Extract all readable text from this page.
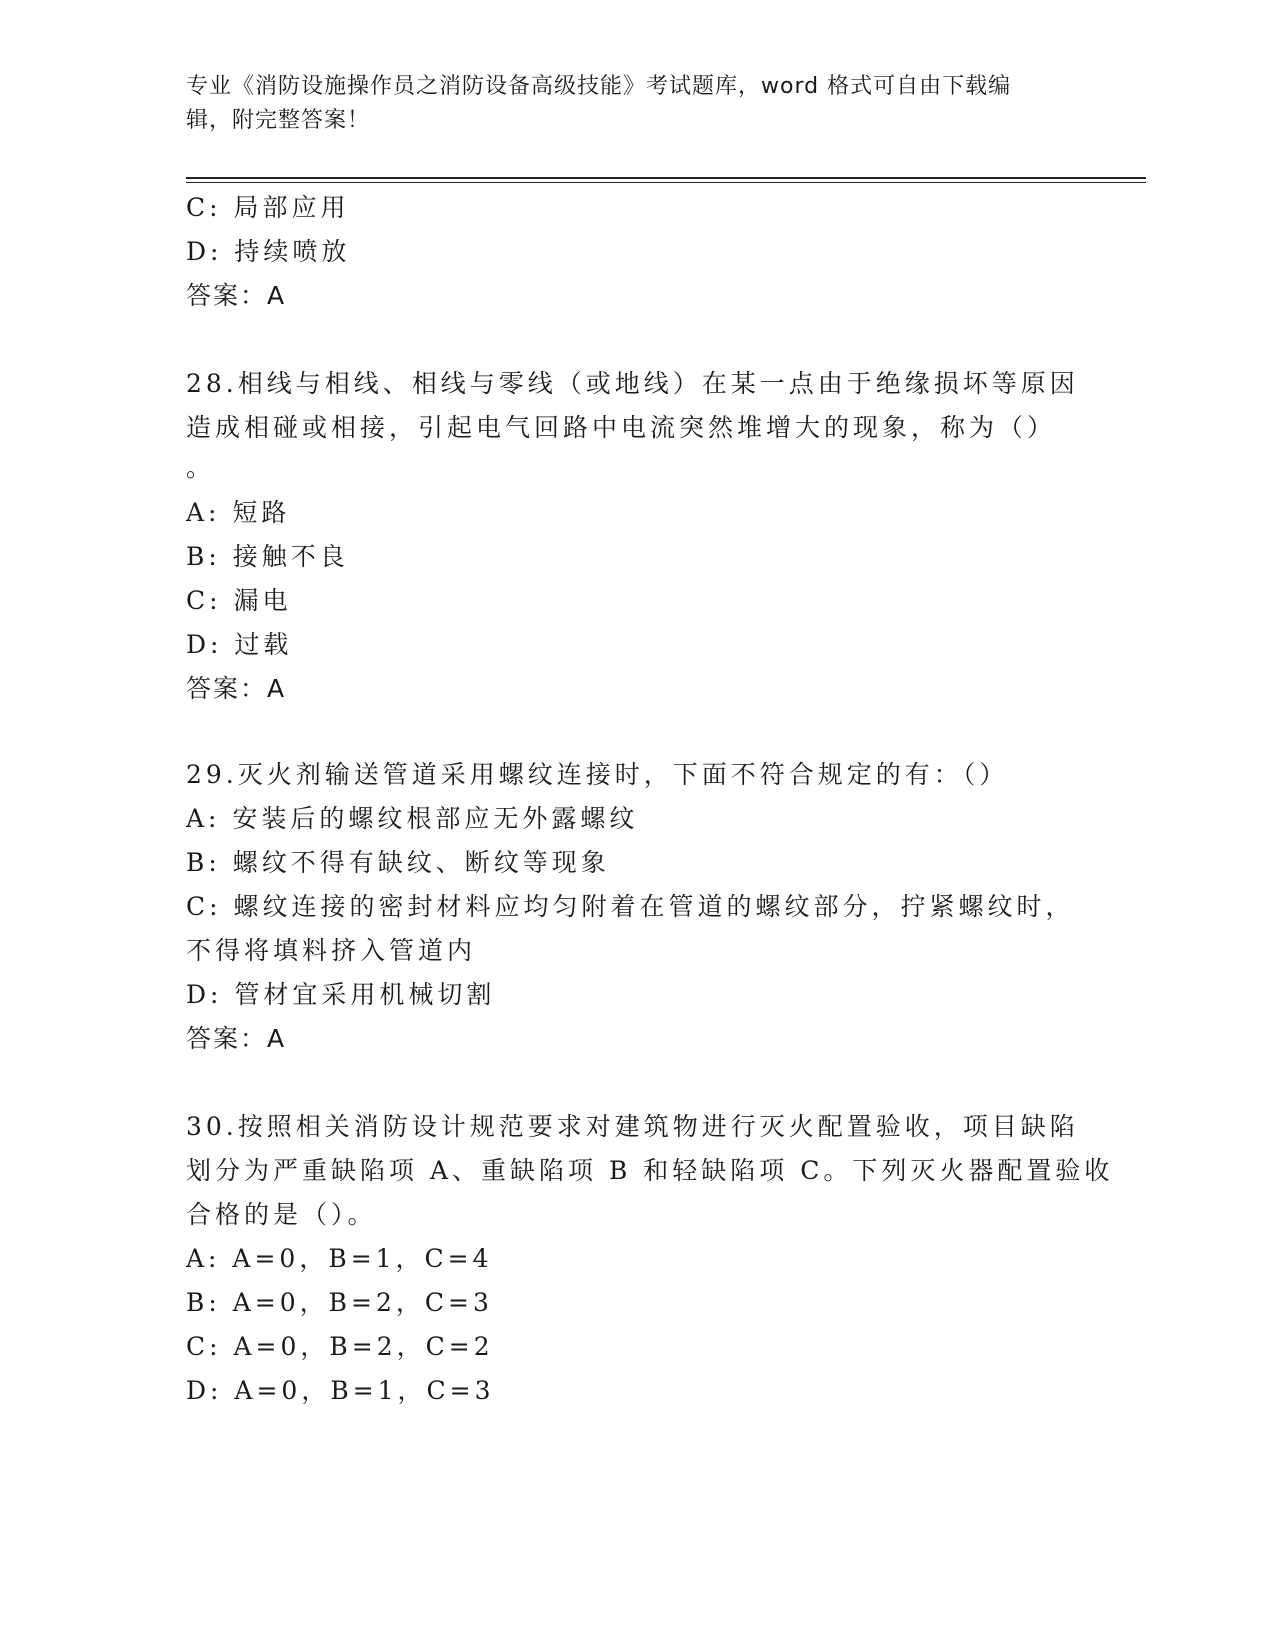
专业《消防设施操作员之消防设备高级技能》考试题库，word 格式可自由下载编
辑，附完整答案！
C: 局部应用
D: 持续喷放
答案：A
28.相线与相线、相线与零线（或地线）在某一点由于绝缘损坏等原因
造成相碰或相接，引起电气回路中电流突然堆增大的现象，称为（）
。
A: 短路
B: 接触不良
C: 漏电
D: 过载
答案：A
29.灭火剂输送管道采用螺纹连接时，下面不符合规定的有：（）
A: 安装后的螺纹根部应无外露螺纹
B: 螺纹不得有缺纹、断纹等现象
C: 螺纹连接的密封材料应均匀附着在管道的螺纹部分，拧紧螺纹时，
不得将填料挤入管道内
D: 管材宜采用机械切割
答案：A
30.按照相关消防设计规范要求对建筑物进行灭火配置验收，项目缺陷
划分为严重缺陷项 A、重缺陷项 B 和轻缺陷项 C。下列灭火器配置验收
合格的是（）。
A: A=0，B=1，C=4
B: A=0，B=2，C=3
C: A=0，B=2，C=2
D: A=0，B=1，C=3
